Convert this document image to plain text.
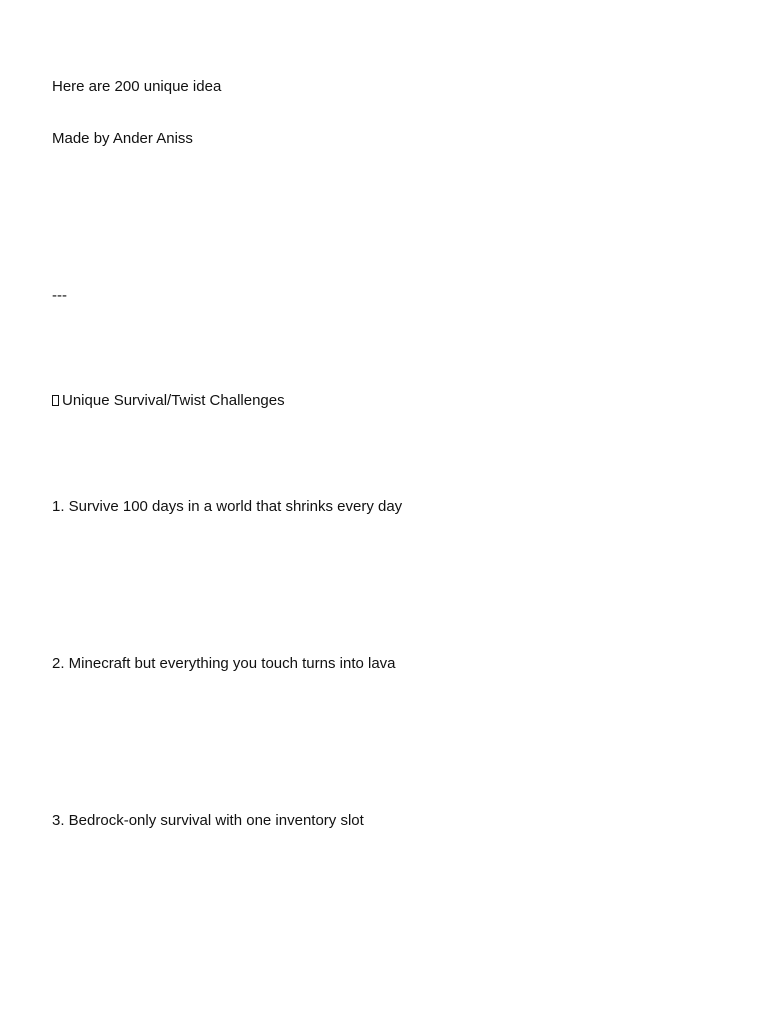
Here are 200 unique idea
Made by Ander Aniss
---
Unique Survival/Twist Challenges
1. Survive 100 days in a world that shrinks every day
2. Minecraft but everything you touch turns into lava
3. Bedrock-only survival with one inventory slot
